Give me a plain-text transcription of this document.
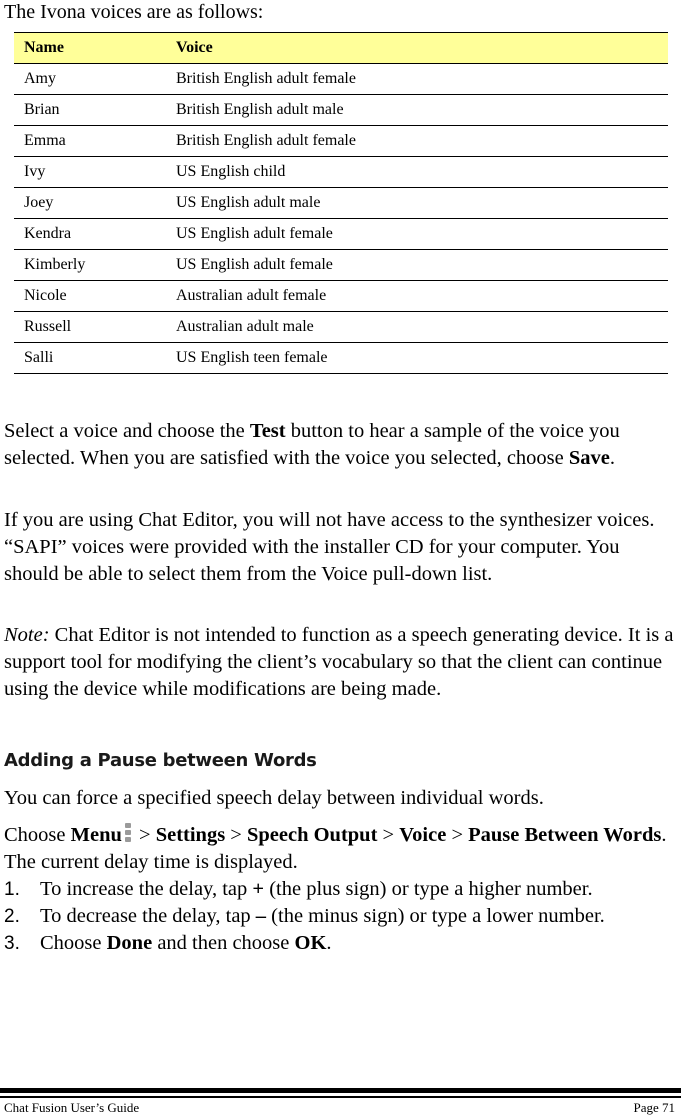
The Ivona voices are as follows:

Name	Voice
Amy	British English adult female
Brian	British English adult male
Emma	British English adult female
Ivy	US English child
Joey	US English adult male
Kendra	US English adult female
Kimberly	US English adult female
Nicole	Australian adult female
Russell	Australian adult male
Salli	US English teen female

Select a voice and choose the Test button to hear a sample of the voice you selected. When you are satisfied with the voice you selected, choose Save.

If you are using Chat Editor, you will not have access to the synthesizer voices. “SAPI” voices were provided with the installer CD for your computer. You should be able to select them from the Voice pull-down list.

Note: Chat Editor is not intended to function as a speech generating device. It is a support tool for modifying the client’s vocabulary so that the client can continue using the device while modifications are being made.

Adding a Pause between Words

You can force a specified speech delay between individual words.

Choose Menu
> Settings > Speech Output > Voice > Pause Between Words. The current delay time is displayed.

1. To increase the delay, tap + (the plus sign) or type a higher number.
2. To decrease the delay, tap – (the minus sign) or type a lower number.
3. Choose Done and then choose OK.
Chat Fusion User’s Guide	Page 71
